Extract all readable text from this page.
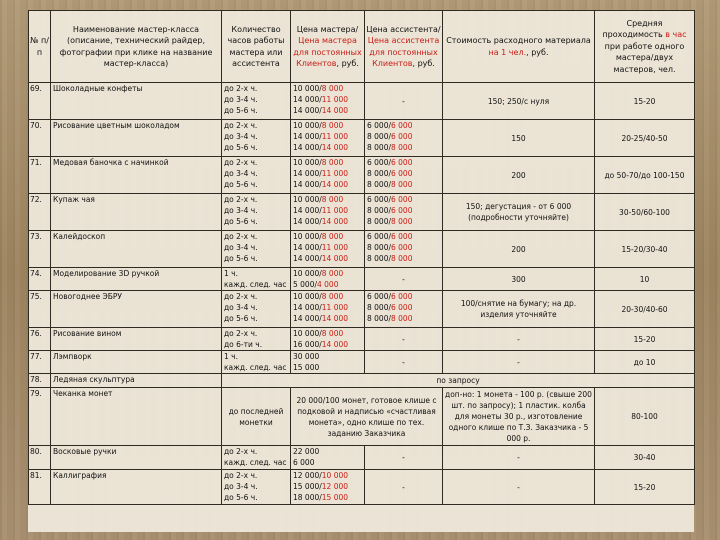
№ п/п	Наименование мастер-класса (описание, технический райдер, фотографии при клике на название мастер-класса)	Количество часов работы мастера или ассистента	Цена мастера/Цена мастера для постоянных Клиентов, руб.	Цена ассистента/Цена ассистента для постоянных Клиентов, руб.	Стоимость расходного материала на 1 чел., руб.	Средняя проходимость в час при работе одного мастера/двух мастеров, чел.
69.	Шоколадные конфеты	до 2-х ч.
до 3-4 ч.
до 5-6 ч.	10 000/8 000
14 000/11 000
14 000/14 000	-	150; 250/с нуля	15-20
70.	Рисование цветным шоколадом	до 2-х ч.
до 3-4 ч.
до 5-6 ч.	10 000/8 000
14 000/11 000
14 000/14 000	6 000/6 000
8 000/6 000
8 000/8 000	150	20-25/40-50
71.	Медовая баночка с начинкой	до 2-х ч.
до 3-4 ч.
до 5-6 ч.	10 000/8 000
14 000/11 000
14 000/14 000	6 000/6 000
8 000/6 000
8 000/8 000	200	до 50-70/до 100-150
72.	Купаж чая	до 2-х ч.
до 3-4 ч.
до 5-6 ч.	10 000/8 000
14 000/11 000
14 000/14 000	6 000/6 000
8 000/6 000
8 000/8 000	150; дегустация - от 6 000 (подробности уточняйте)	30-50/60-100
73.	Калейдоскоп	до 2-х ч.
до 3-4 ч.
до 5-6 ч.	10 000/8 000
14 000/11 000
14 000/14 000	6 000/6 000
8 000/6 000
8 000/8 000	200	15-20/30-40
74.	Моделирование 3D ручкой	1 ч.
кажд. след. час	10 000/8 000
5 000/4 000	-	300	10
75.	Новогоднее ЭБРУ	до 2-х ч.
до 3-4 ч.
до 5-6 ч.	10 000/8 000
14 000/11 000
14 000/14 000	6 000/6 000
8 000/6 000
8 000/8 000	100/снятие на бумагу; на др. изделия уточняйте	20-30/40-60
76.	Рисование вином	до 2-х ч.
до 6-ти ч.	10 000/8 000
16 000/14 000	-	-	15-20
77.	Лэмпворк	1 ч.
кажд. след. час	30 000
15 000	-	-	до 10
78.	Ледяная скульптура	по запросу				
79.	Чеканка монет	до последней монетки	20 000/100 монет, готовое клише с подковой и надписью «счастливая монета», одно клише по тех. заданию Заказчика		доп-но: 1 монета - 100 р. (свыше 200 шт. по запросу); 1 пластик. колба для монеты 30 р., изготовление одного клише по Т.З. Заказчика - 5 000 р.	80-100
80.	Восковые ручки	до 2-х ч.
кажд. след. час	22 000
6 000	-	-	30-40
81.	Каллиграфия	до 2-х ч.
до 3-4 ч.
до 5-6 ч.	12 000/10 000
15 000/12 000
18 000/15 000	-	-	15-20
